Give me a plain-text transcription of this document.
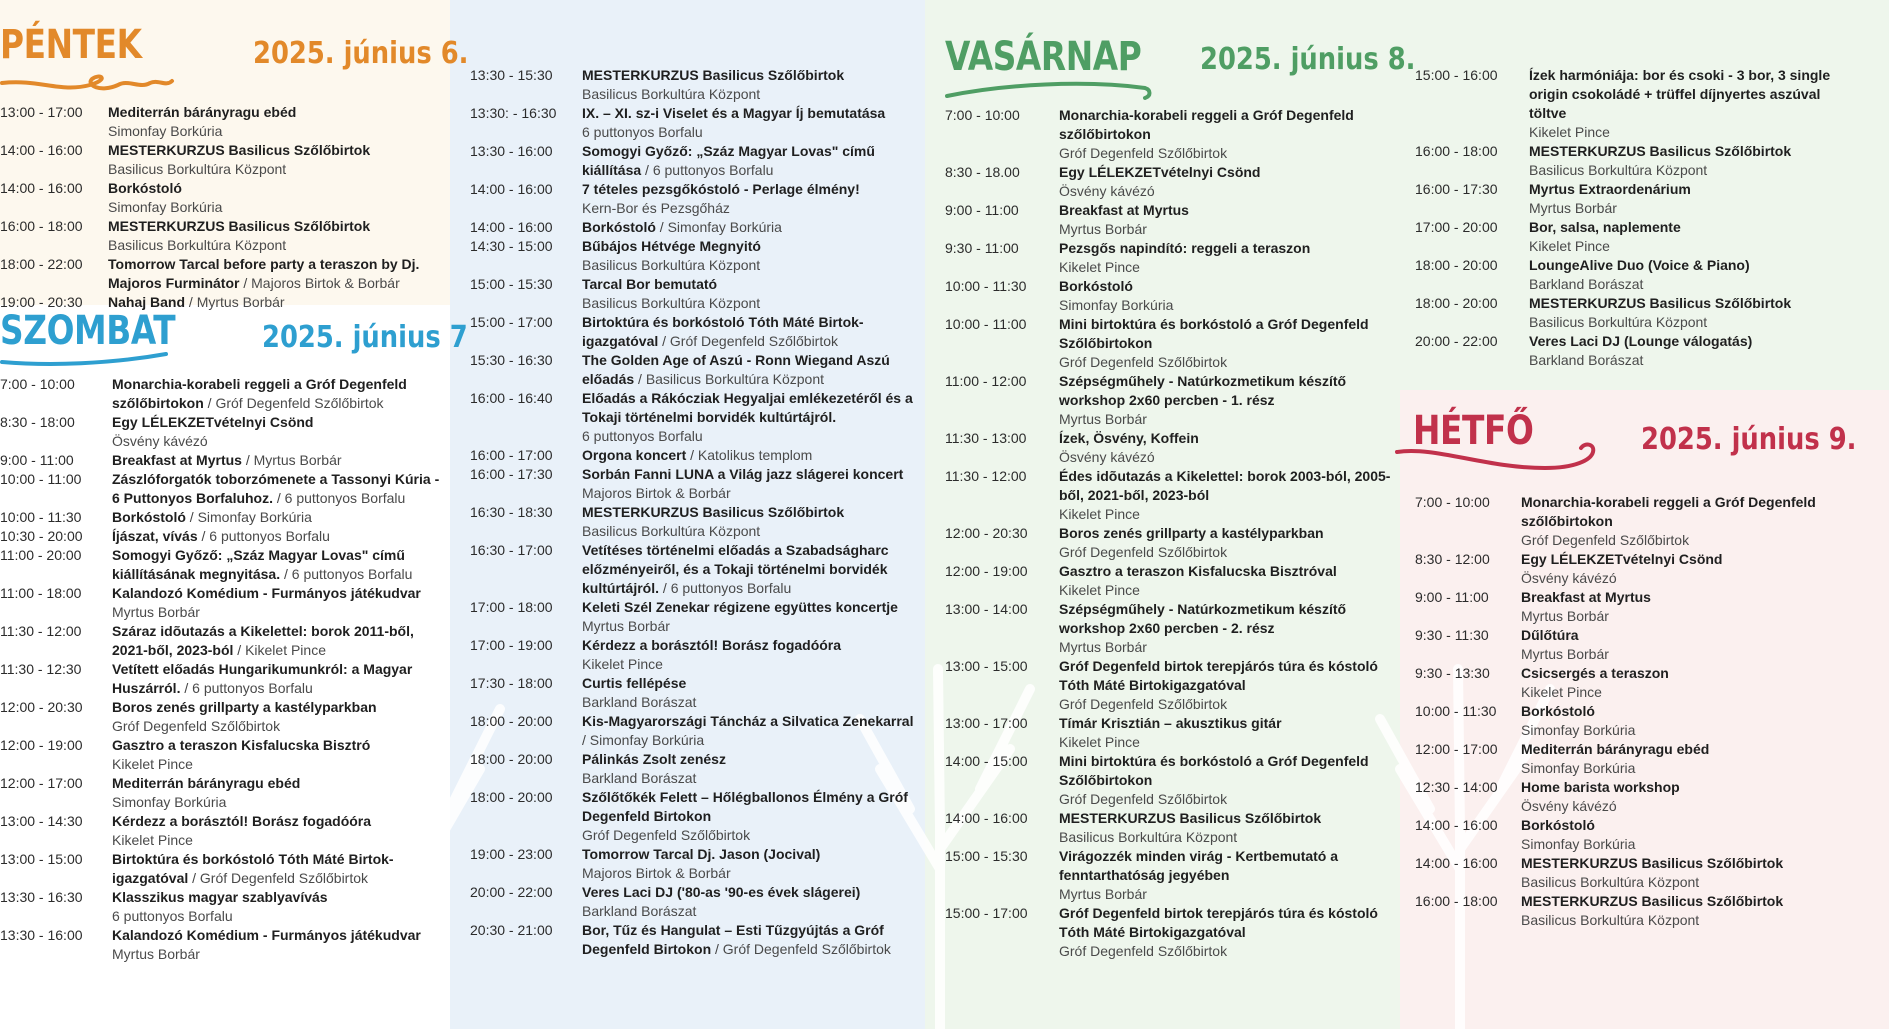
PÉNTEK	2025. június 6.
SZOMBAT	2025. június 7
VASÁRNAP 2025. június 8.
HÉTFŐ	2025. június 9.
13:00 - 17:00	Mediterrán bárányragu ebéd
Simonfay Borkúria
14:00 - 16:00	MESTERKURZUS Basilicus Szőlőbirtok
Basilicus Borkultúra Központ
14:00 - 16:00	Borkóstoló
Simonfay Borkúria
16:00 - 18:00	MESTERKURZUS Basilicus Szőlőbirtok
Basilicus Borkultúra Központ
18:00 - 22:00	Tomorrow Tarcal before party a teraszon by Dj. Majoros Furminátor / Majoros Birtok & Borbár
19:00 - 20:30	Nahaj Band / Myrtus Borbár
7:00 - 10:00	Monarchia-korabeli reggeli a Gróf Degenfeld szőlőbirtokon / Gróf Degenfeld Szőlőbirtok
8:30 - 18:00	Egy LÉLEKZETvételnyi Csönd
Ösvény kávézó
9:00 - 11:00	Breakfast at Myrtus / Myrtus Borbár
10:00 - 11:00	Zászlóforgatók toborzómenete a Tassonyi Kúria - 6 Puttonyos Borfaluhoz. / 6 puttonyos Borfalu
10:00 - 11:30	Borkóstoló / Simonfay Borkúria
10:30 - 20:00	Íjászat, vívás / 6 puttonyos Borfalu
11:00 - 20:00	Somogyi Győző: „Száz Magyar Lovas" című kiállításának megnyitása. / 6 puttonyos Borfalu
11:00 - 18:00	Kalandozó Komédium - Furmányos játékudvar
Myrtus Borbár
11:30 - 12:00	Száraz idõutazás a Kikelettel: borok 2011-ből, 2021-ből, 2023-ból / Kikelet Pince
11:30 - 12:30	Vetített előadás Hungarikumunkról: a Magyar Huszárról. / 6 puttonyos Borfalu
12:00 - 20:30	Boros zenés grillparty a kastélyparkban
Gróf Degenfeld Szőlőbirtok
12:00 - 19:00	Gasztro a teraszon Kisfalucska Bisztró
Kikelet Pince
12:00 - 17:00	Mediterrán bárányragu ebéd
Simonfay Borkúria
13:00 - 14:30	Kérdezz a borásztól! Borász fogadóóra
Kikelet Pince
13:00 - 15:00	Birtoktúra és borkóstoló Tóth Máté Birtok-igazgatóval / Gróf Degenfeld Szőlőbirtok
13:30 - 16:30	Klasszikus magyar szablyavívás
6 puttonyos Borfalu
13:30 - 16:00	Kalandozó Komédium - Furmányos játékudvar
Myrtus Borbár
13:30 - 15:30	MESTERKURZUS Basilicus Szőlőbirtok
Basilicus Borkultúra Központ
13:30: - 16:30	IX. – XI. sz-i Viselet és a Magyar Íj bemutatása
6 puttonyos Borfalu
13:30 - 16:00	Somogyi Győző: „Száz Magyar Lovas" című kiállítása / 6 puttonyos Borfalu
14:00 - 16:00	7 tételes pezsgőkóstoló - Perlage élmény!
Kern-Bor és Pezsgőház
14:00 - 16:00	Borkóstoló / Simonfay Borkúria
14:30 - 15:00	Bűbájos Hétvége Megnyitó
Basilicus Borkultúra Központ
15:00 - 15:30	Tarcal Bor bemutató
Basilicus Borkultúra Központ
15:00 - 17:00	Birtoktúra és borkóstoló Tóth Máté Birtok-igazgatóval / Gróf Degenfeld Szőlőbirtok
15:30 - 16:30	The Golden Age of Aszú - Ronn Wiegand Aszú előadás / Basilicus Borkultúra Központ
16:00 - 16:40	Előadás a Rákócziak Hegyaljai emlékezetéről és a Tokaji történelmi borvidék kultúrtájról.
6 puttonyos Borfalu
16:00 - 17:00	Orgona koncert / Katolikus templom
16:00 - 17:30	Sorbán Fanni LUNA a Világ jazz slágerei koncert
Majoros Birtok & Borbár
16:30 - 18:30	MESTERKURZUS Basilicus Szőlőbirtok
Basilicus Borkultúra Központ
16:30 - 17:00	Vetítéses történelmi előadás a Szabadságharc előzményeiről, és a Tokaji történelmi borvidék kultúrtájról. / 6 puttonyos Borfalu
17:00 - 18:00	Keleti Szél Zenekar régizene együttes koncertje
Myrtus Borbár
17:00 - 19:00	Kérdezz a borásztól! Borász fogadóóra
Kikelet Pince
17:30 - 18:00	Curtis fellépése
Barkland Borászat
18:00 - 20:00	Kis-Magyarországi Táncház a Silvatica Zenekarral / Simonfay Borkúria
18:00 - 20:00	Pálinkás Zsolt zenész
Barkland Borászat
18:00 - 20:00	Szőlőtőkék Felett – Hőlégballonos Élmény a Gróf Degenfeld Birtokon
Gróf Degenfeld Szőlőbirtok
19:00 - 23:00	Tomorrow Tarcal Dj. Jason (Jocival)
Majoros Birtok & Borbár
20:00 - 22:00	Veres Laci DJ ('80-as '90-es évek slágerei)
Barkland Borászat
20:30 - 21:00	Bor, Tűz és Hangulat – Esti Tűzgyújtás a Gróf Degenfeld Birtokon / Gróf Degenfeld Szőlőbirtok
7:00 - 10:00	Monarchia-korabeli reggeli a Gróf Degenfeld szőlőbirtokon
Gróf Degenfeld Szőlőbirtok
8:30 - 18.00	Egy LÉLEKZETvételnyi Csönd
Ösvény kávézó
9:00 - 11:00	Breakfast at Myrtus
Myrtus Borbár
9:30 - 11:00	Pezsgős napindító: reggeli a teraszon
Kikelet Pince
10:00 - 11:30	Borkóstoló
Simonfay Borkúria
10:00 - 11:00	Mini birtoktúra és borkóstoló a Gróf Degenfeld Szőlőbirtokon
Gróf Degenfeld Szőlőbirtok
11:00 - 12:00	Szépségműhely - Natúrkozmetikum készítő workshop 2x60 percben - 1. rész
Myrtus Borbár
11:30 - 13:00	Ízek, Ösvény, Koffein
Ösvény kávézó
11:30 - 12:00	Édes idõutazás a Kikelettel: borok 2003-ból, 2005-ből, 2021-ből, 2023-ból
Kikelet Pince
12:00 - 20:30	Boros zenés grillparty a kastélyparkban
Gróf Degenfeld Szőlőbirtok
12:00 - 19:00	Gasztro a teraszon Kisfalucska Bisztróval
Kikelet Pince
13:00 - 14:00	Szépségműhely - Natúrkozmetikum készítő workshop 2x60 percben - 2. rész
Myrtus Borbár
13:00 - 15:00	Gróf Degenfeld birtok terepjárós túra és kóstoló Tóth Máté Birtokigazgatóval
Gróf Degenfeld Szőlőbirtok
13:00 - 17:00	Tímár Krisztián – akusztikus gitár
Kikelet Pince
14:00 - 15:00	Mini birtoktúra és borkóstoló a Gróf Degenfeld Szőlőbirtokon
Gróf Degenfeld Szőlőbirtok
14:00 - 16:00	MESTERKURZUS Basilicus Szőlőbirtok
Basilicus Borkultúra Központ
15:00 - 15:30	Virágozzék minden virág - Kertbemutató a fenntarthatóság jegyében
Myrtus Borbár
15:00 - 17:00	Gróf Degenfeld birtok terepjárós túra és kóstoló Tóth Máté Birtokigazgatóval
Gróf Degenfeld Szőlőbirtok
15:00 - 16:00	Ízek harmóniája: bor és csoki - 3 bor, 3 single origin csokoládé + trüffel díjnyertes aszúval töltve
Kikelet Pince
16:00 - 18:00	MESTERKURZUS Basilicus Szőlőbirtok
Basilicus Borkultúra Központ
16:00 - 17:30	Myrtus Extraordenárium
Myrtus Borbár
17:00 - 20:00	Bor, salsa, naplemente
Kikelet Pince
18:00 - 20:00	LoungeAlive Duo (Voice & Piano)
Barkland Borászat
18:00 - 20:00	MESTERKURZUS Basilicus Szőlőbirtok
Basilicus Borkultúra Központ
20:00 - 22:00	Veres Laci DJ (Lounge válogatás)
Barkland Borászat
7:00 - 10:00	Monarchia-korabeli reggeli a Gróf Degenfeld szőlőbirtokon
Gróf Degenfeld Szőlőbirtok
8:30 - 12:00	Egy LÉLEKZETvételnyi Csönd
Ösvény kávézó
9:00 - 11:00	Breakfast at Myrtus
Myrtus Borbár
9:30 - 11:30	Dűlőtúra
Myrtus Borbár
9:30 - 13:30	Csicsergés a teraszon
Kikelet Pince
10:00 - 11:30	Borkóstoló
Simonfay Borkúria
12:00 - 17:00	Mediterrán bárányragu ebéd
Simonfay Borkúria
12:30 - 14:00	Home barista workshop
Ösvény kávézó
14:00 - 16:00	Borkóstoló
Simonfay Borkúria
14:00 - 16:00	MESTERKURZUS Basilicus Szőlőbirtok
Basilicus Borkultúra Központ
16:00 - 18:00	MESTERKURZUS Basilicus Szőlőbirtok
Basilicus Borkultúra Központ
